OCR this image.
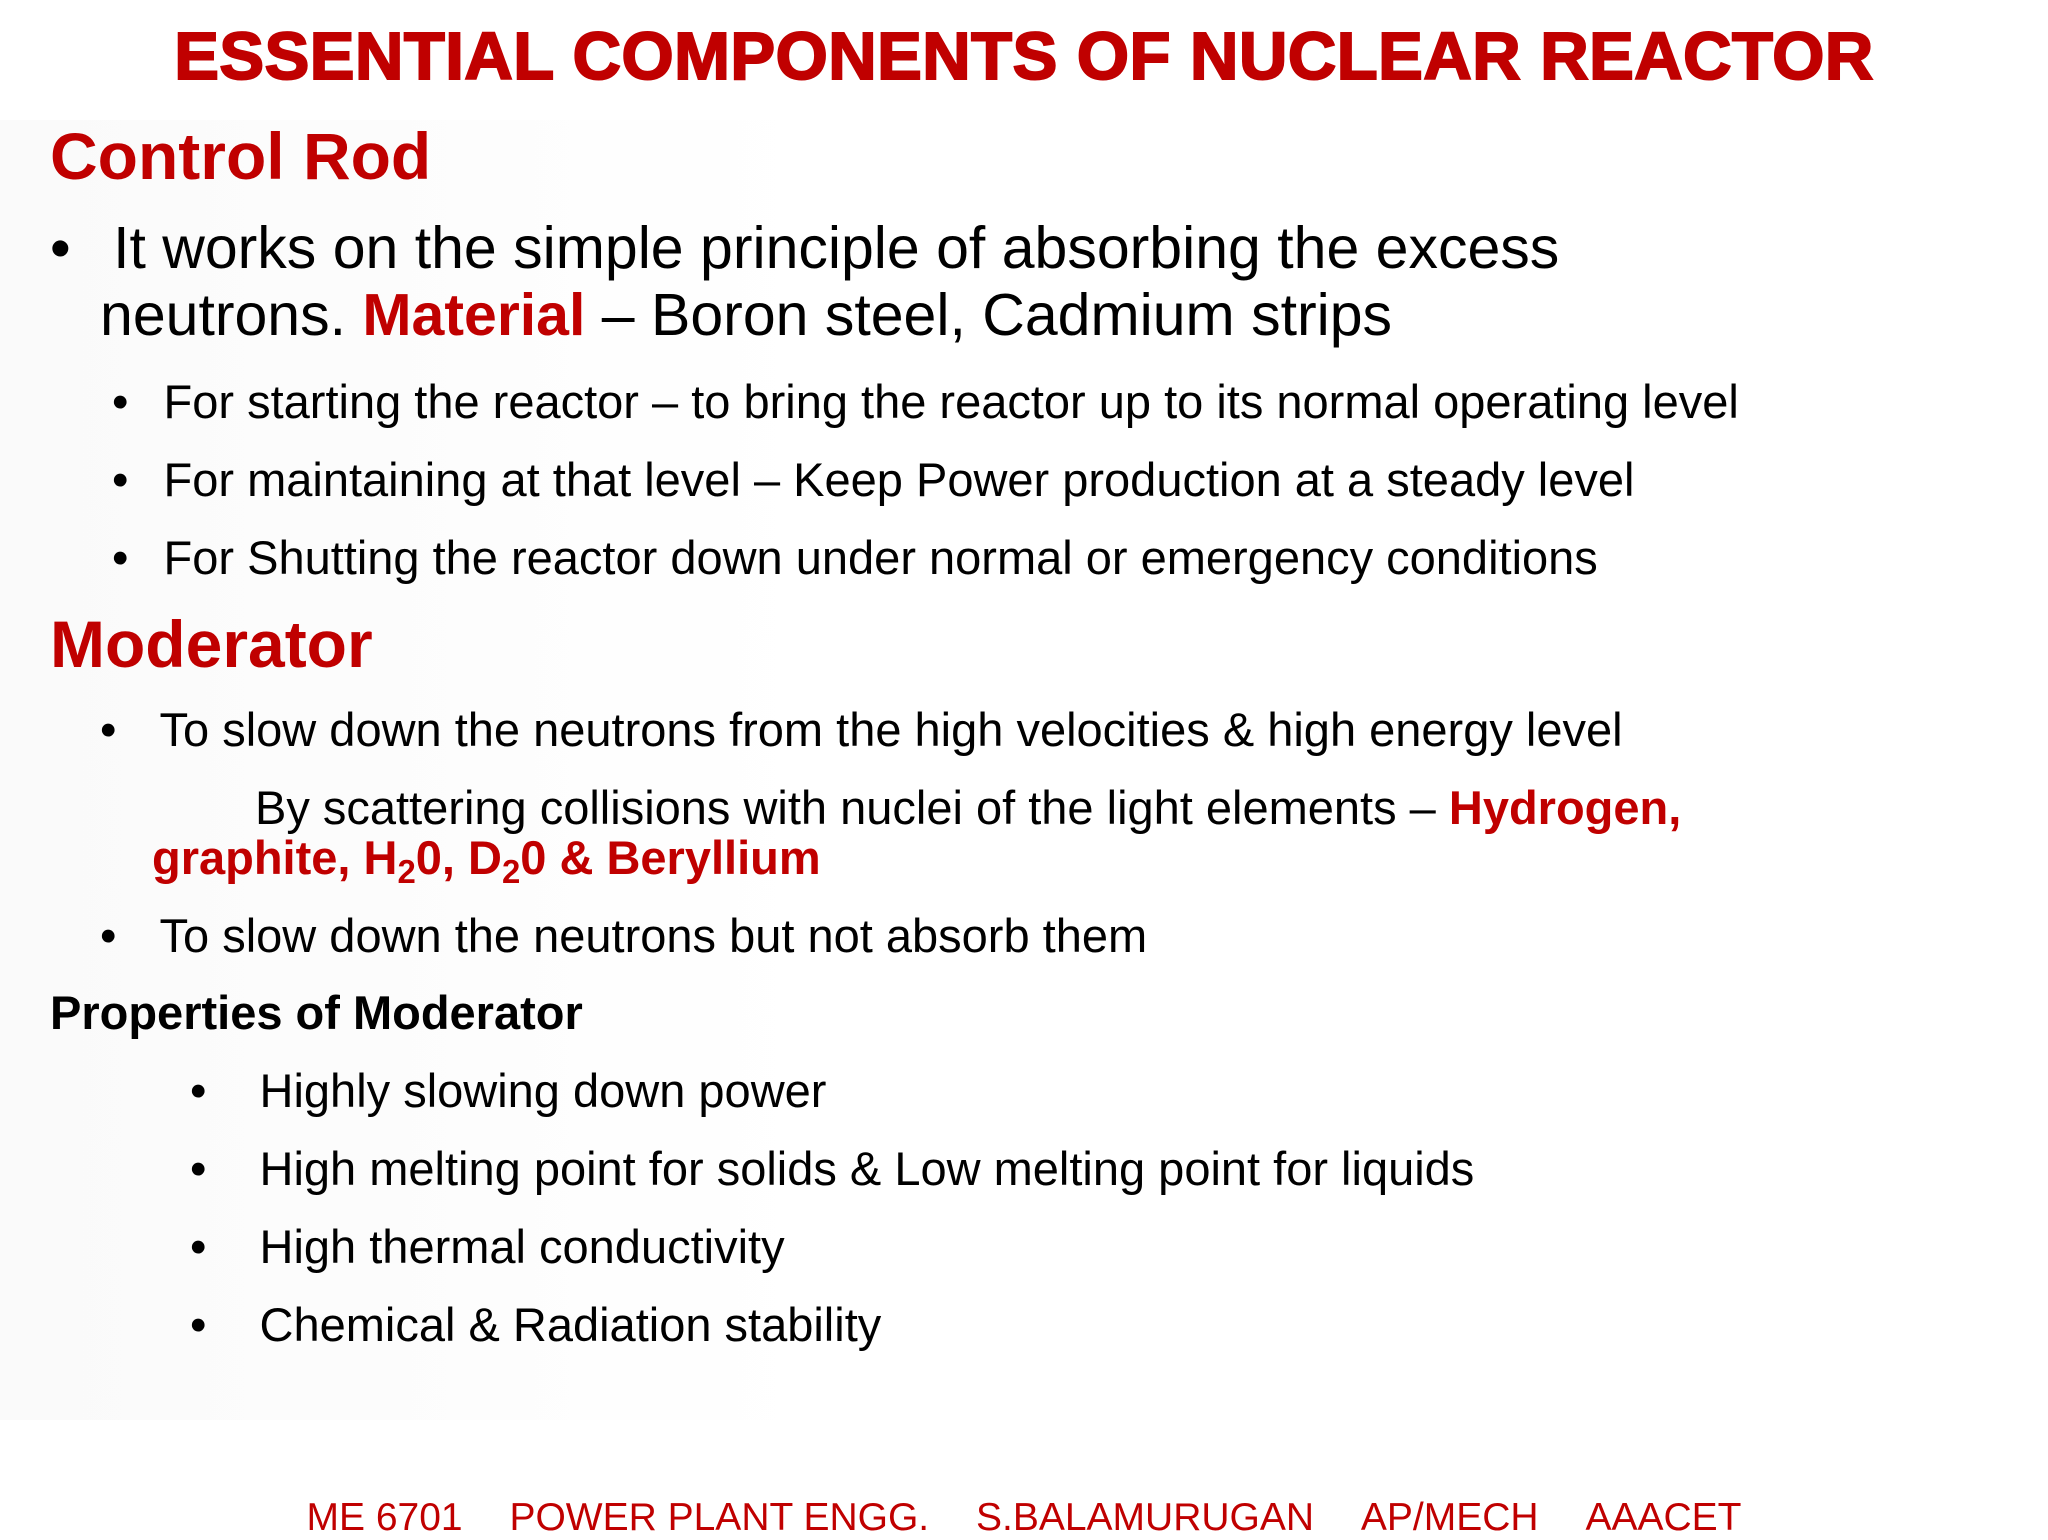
ESSENTIAL COMPONENTS OF NUCLEAR REACTOR
Control Rod
• It works on the simple principle of absorbing the excess
neutrons. Material – Boron steel, Cadmium strips
• For starting the reactor – to bring the reactor up to its normal operating level
• For maintaining at that level – Keep Power production at a steady level
• For Shutting the reactor down under normal or emergency conditions
Moderator
• To slow down the neutrons from the high velocities & high energy level
By scattering collisions with nuclei of the light elements – Hydrogen,
graphite, $H_20$, $D_20$ & Beryllium
• To slow down the neutrons but not absorb them
Properties of Moderator
• Highly slowing down power
• High melting point for solids & Low melting point for liquids
• High thermal conductivity
• Chemical & Radiation stability
ME 6701 POWER PLANT ENGG. S.BALAMURUGAN AP/MECH AAACET
